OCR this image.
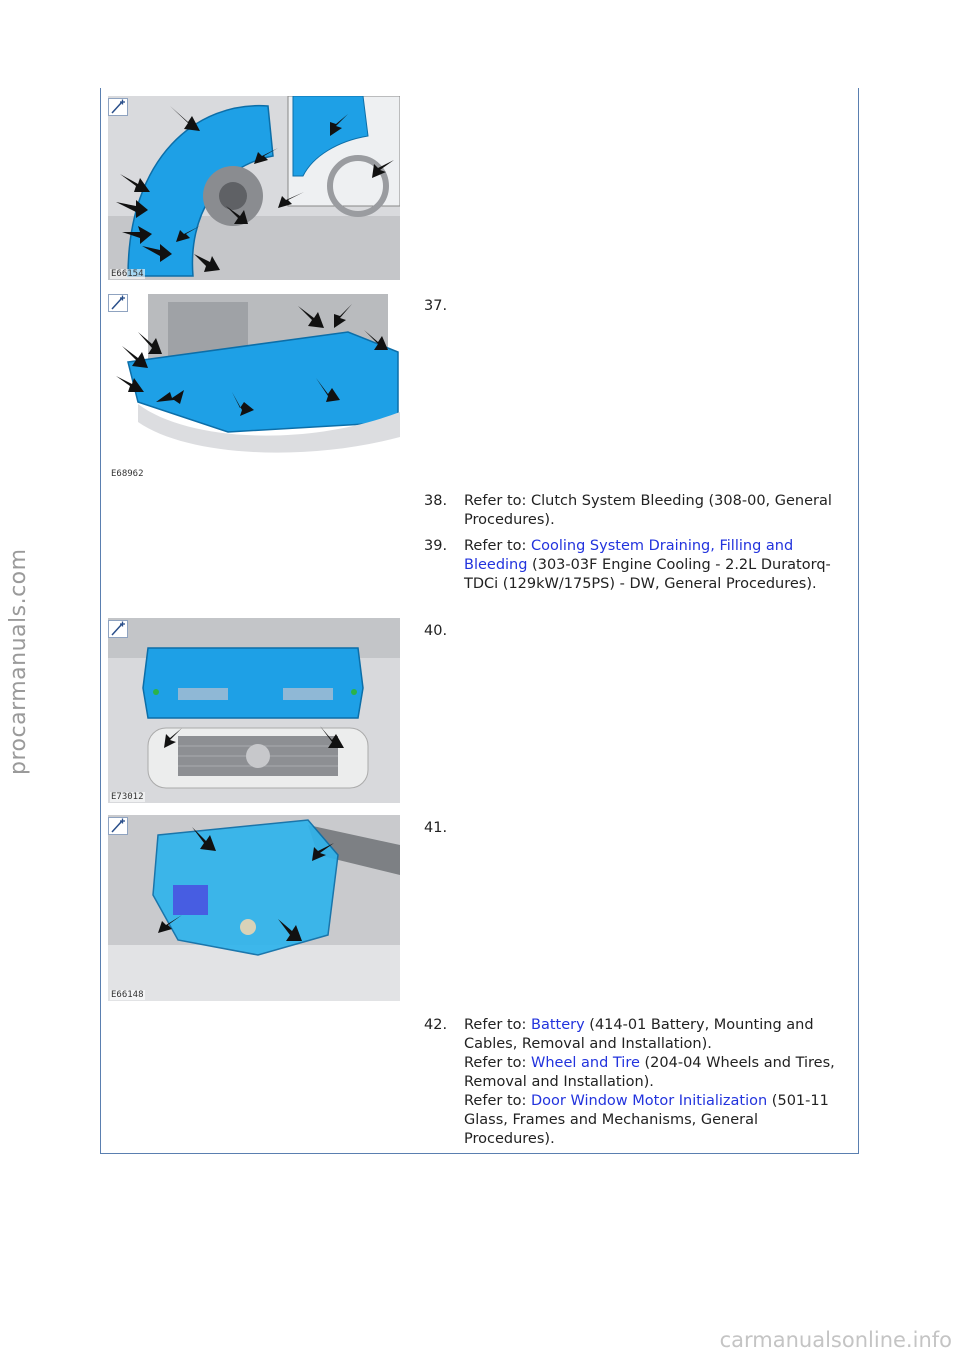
E66154
E68962
37.
38. Refer to: Clutch System Bleeding (308-00, General Procedures).
39. Refer to: Cooling System Draining, Filling and Bleeding (303-03F Engine Cooling - 2.2L Duratorq-TDCi (129kW/175PS) - DW, General Procedures).
E73012
40.
E66148
41.
42. Refer to: Battery (414-01 Battery, Mounting and Cables, Removal and Installation).
Refer to: Wheel and Tire (204-04 Wheels and Tires, Removal and Installation).
Refer to: Door Window Motor Initialization (501-11 Glass, Frames and Mechanisms, General Procedures).
procarmanuals.com
carmanualsonline.info
